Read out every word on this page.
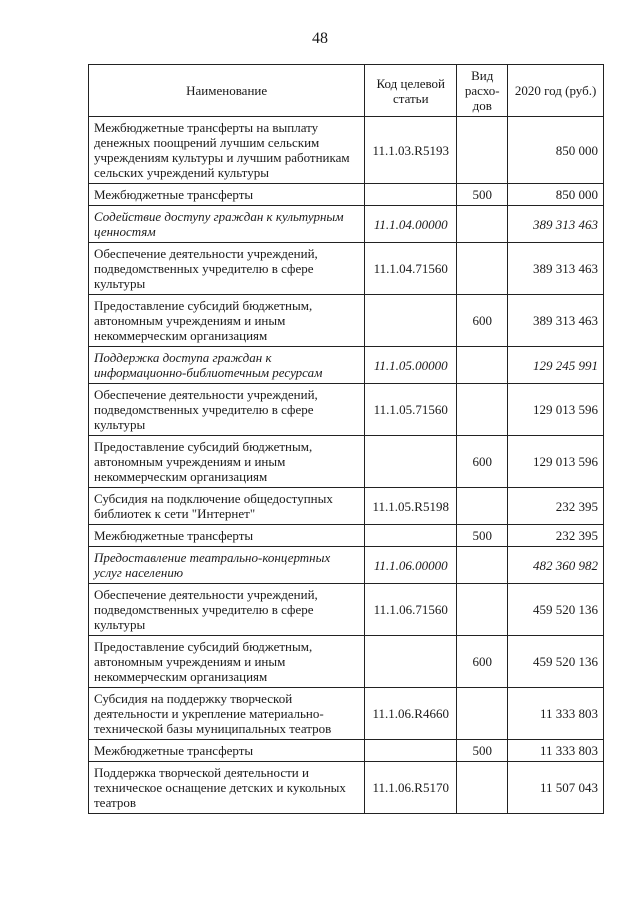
48
Наименование	Код целевой статьи	Вид расхо-дов	2020 год (руб.)
Межбюджетные трансферты на выплату денежных поощрений лучшим сельским учреждениям культуры и лучшим работникам сельских учреждений культуры	11.1.03.R5193		850 000
Межбюджетные трансферты		500	850 000
Содействие доступу граждан к культурным ценностям	11.1.04.00000		389 313 463
Обеспечение деятельности учреждений, подведомственных учредителю в сфере культуры	11.1.04.71560		389 313 463
Предоставление субсидий бюджетным, автономным учреждениям и иным некоммерческим организациям		600	389 313 463
Поддержка доступа граждан к информационно-библиотечным ресурсам	11.1.05.00000		129 245 991
Обеспечение деятельности учреждений, подведомственных учредителю в сфере культуры	11.1.05.71560		129 013 596
Предоставление субсидий бюджетным, автономным учреждениям и иным некоммерческим организациям		600	129 013 596
Субсидия на подключение общедоступных библиотек к сети "Интернет"	11.1.05.R5198		232 395
Межбюджетные трансферты		500	232 395
Предоставление театрально-концертных услуг населению	11.1.06.00000		482 360 982
Обеспечение деятельности учреждений, подведомственных учредителю в сфере культуры	11.1.06.71560		459 520 136
Предоставление субсидий бюджетным, автономным учреждениям и иным некоммерческим организациям		600	459 520 136
Субсидия на поддержку творческой деятельности и укрепление материально-технической базы муниципальных театров	11.1.06.R4660		11 333 803
Межбюджетные трансферты		500	11 333 803
Поддержка творческой деятельности и техническое оснащение детских и кукольных театров	11.1.06.R5170		11 507 043
